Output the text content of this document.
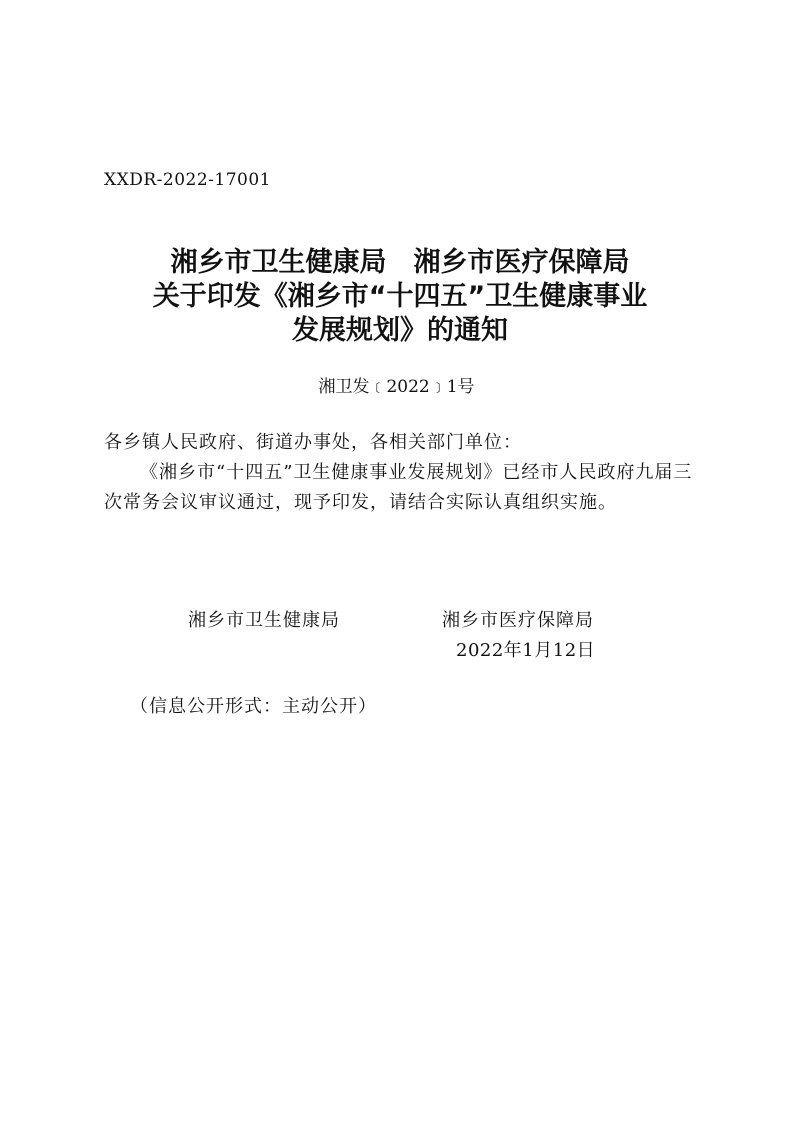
XXDR-2022-17001
湘乡市卫生健康局　湘乡市医疗保障局
关于印发《湘乡市“十四五”卫生健康事业
发展规划》的通知
湘卫发﹝2022﹞1号
各乡镇人民政府、街道办事处，各相关部门单位：
《湘乡市“十四五”卫生健康事业发展规划》已经市人民政府九届三次常务会议审议通过，现予印发，请结合实际认真组织实施。
湘乡市卫生健康局	湘乡市医疗保障局
2022年1月12日
（信息公开形式：主动公开）
